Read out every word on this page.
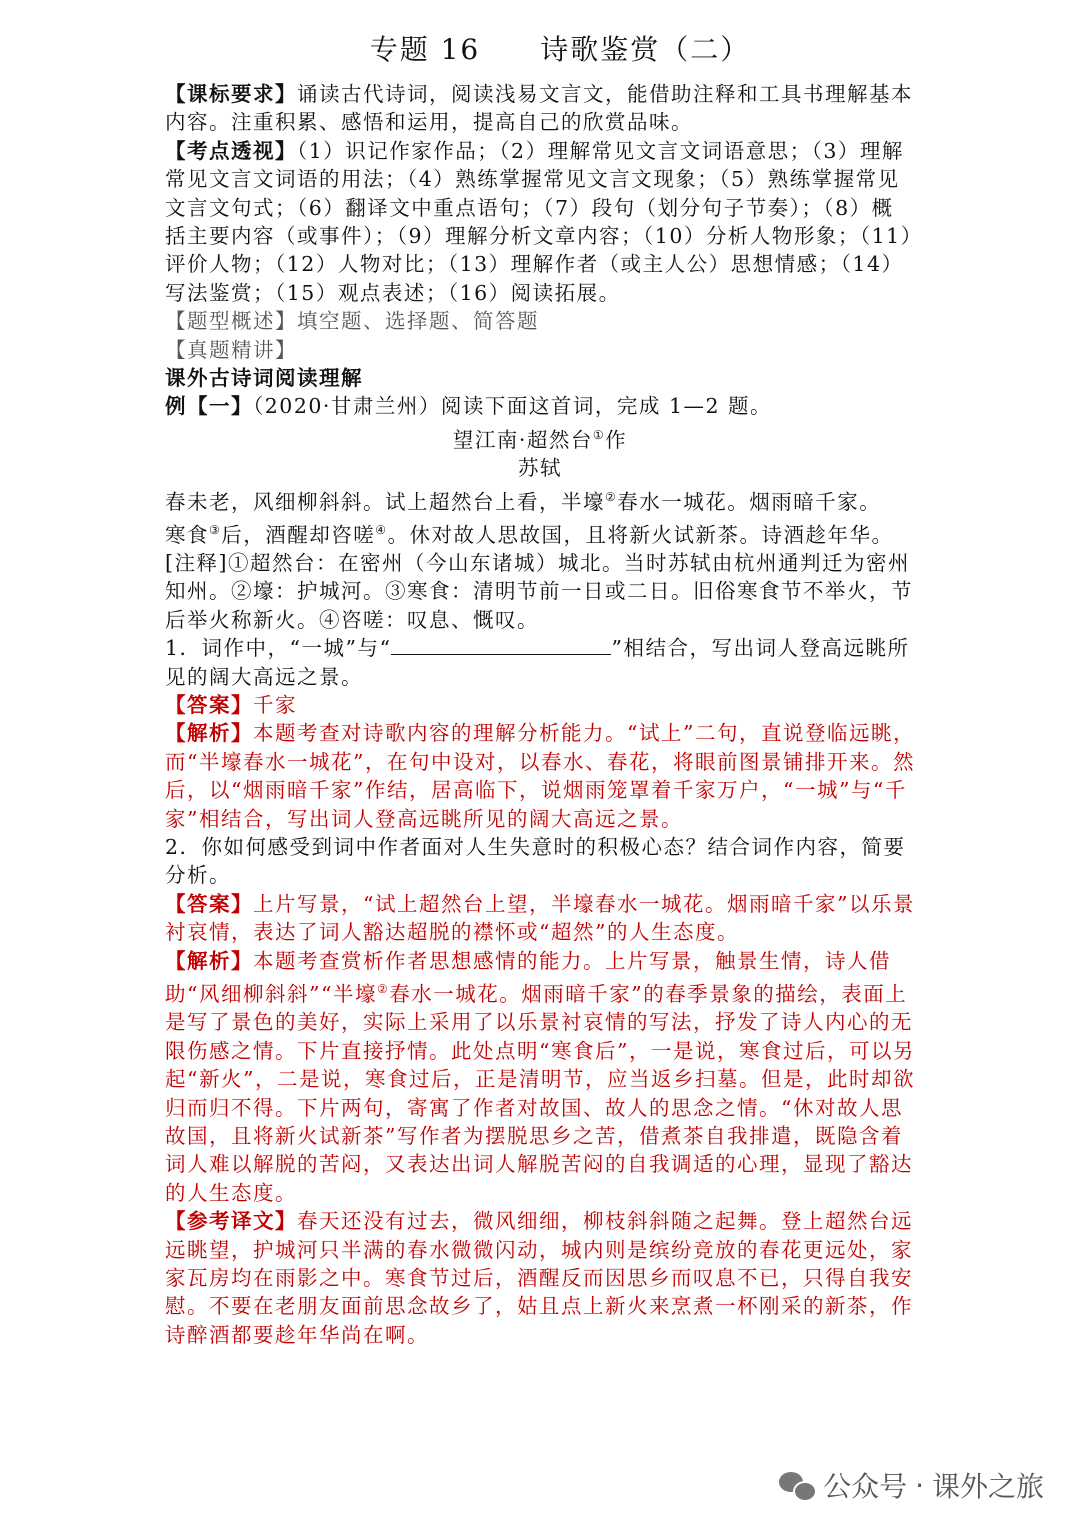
专题 16 诗歌鉴赏（二）

【课标要求】诵读古代诗词，阅读浅易文言文，能借助注释和工具书理解基本内容。注重积累、感悟和运用，提高自己的欣赏品味。

【考点透视】（1）识记作家作品；（2）理解常见文言文词语意思；（3）理解常见文言文词语的用法；（4）熟练掌握常见文言文现象；（5）熟练掌握常见文言文句式；（6）翻译文中重点语句；（7）段句（划分句子节奏）；（8）概括主要内容（或事件）；（9）理解分析文章内容；（10）分析人物形象；（11）评价人物；（12）人物对比；（13）理解作者（或主人公）思想情感；（14）写法鉴赏；（15）观点表述；（16）阅读拓展。

【题型概述】填空题、选择题、简答题

【真题精讲】

课外古诗词阅读理解

例【一】（2020·甘肃兰州）阅读下面这首词，完成 1—2 题。

望江南·超然台①作

苏轼

春未老，风细柳斜斜。试上超然台上看，半壕②春水一城花。烟雨暗千家。

寒食③后，酒醒却咨嗟④。休对故人思故国，且将新火试新茶。诗酒趁年华。

[注释]①超然台：在密州（今山东诸城）城北。当时苏轼由杭州通判迁为密州知州。②壕：护城河。③寒食：清明节前一日或二日。旧俗寒食节不举火，节后举火称新火。④咨嗟：叹息、慨叹。

1．词作中，“一城”与“	”相结合，写出词人登高远眺所见的阔大高远之景。

【答案】千家

【解析】本题考查对诗歌内容的理解分析能力。“试上”二句，直说登临远眺，而“半壕春水一城花”，在句中设对，以春水、春花，将眼前图景铺排开来。然后，以“烟雨暗千家”作结，居高临下，说烟雨笼罩着千家万户，“一城”与“千家”相结合，写出词人登高远眺所见的阔大高远之景。

2．你如何感受到词中作者面对人生失意时的积极心态？结合词作内容，简要分析。

【答案】上片写景，“试上超然台上望，半壕春水一城花。烟雨暗千家”以乐景衬哀情，表达了词人豁达超脱的襟怀或“超然”的人生态度。

【解析】本题考查赏析作者思想感情的能力。上片写景，触景生情，诗人借助“风细柳斜斜”“半壕②春水一城花。烟雨暗千家”的春季景象的描绘，表面上是写了景色的美好，实际上采用了以乐景衬哀情的写法，抒发了诗人内心的无限伤感之情。下片直接抒情。此处点明“寒食后”，一是说，寒食过后，可以另起“新火”，二是说，寒食过后，正是清明节，应当返乡扫墓。但是，此时却欲归而归不得。下片两句，寄寓了作者对故国、故人的思念之情。“休对故人思故国，且将新火试新茶”写作者为摆脱思乡之苦，借煮茶自我排遣，既隐含着词人难以解脱的苦闷，又表达出词人解脱苦闷的自我调适的心理，显现了豁达的人生态度。

【参考译文】春天还没有过去，微风细细，柳枝斜斜随之起舞。登上超然台远远眺望，护城河只半满的春水微微闪动，城内则是缤纷竞放的春花更远处，家家瓦房均在雨影之中。寒食节过后，酒醒反而因思乡而叹息不已，只得自我安慰。不要在老朋友面前思念故乡了，姑且点上新火来烹煮一杯刚采的新茶，作诗醉酒都要趁年华尚在啊。

公众号 · 课外之旅
